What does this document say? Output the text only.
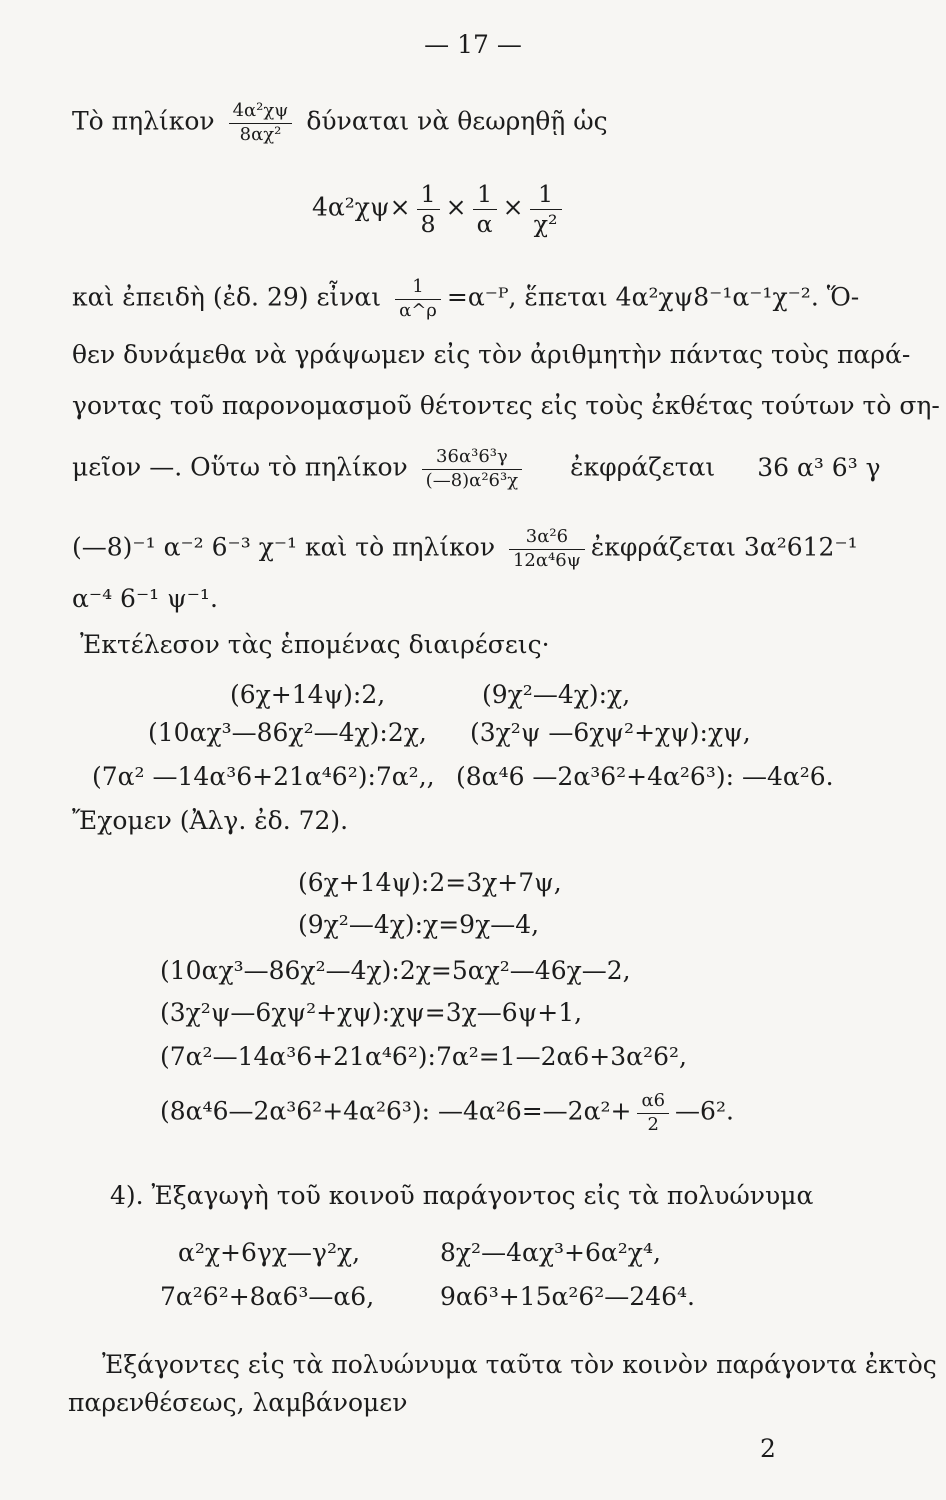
— 17 —
Τὸ πηλίκον $\frac{\text{4α²χψ}}{\text{8αχ²}}$ δύναται νὰ θεωρηθῇ ὡς
$4\alpha^2\chi\psi\times \frac{1}{8} \times \frac{1}{\alpha} \times \frac{1}{\text{χ²}}$
καὶ ἐπειδὴ (ἐδ. 29) εἶναι $\frac{1}{\alpha\^{}\rho}$ =α⁻ᴾ, ἕπεται 4α²χψ8⁻¹α⁻¹χ⁻². Ὅ-
θεν δυνάμεθα νὰ γράψωμεν εἰς τὸν ἀριθμητὴν πάντας τοὺς παρά-
γοντας τοῦ παρονομασμοῦ θέτοντες εἰς τοὺς ἐκθέτας τούτων τὸ ση-
μεῖον —. Οὕτω τὸ πηλίκον $\frac{\text{36α³6³γ}}{\text{(—8)α²6³χ}}$ ἐκφράζεται 36 α³ 6³ γ
(—8)⁻¹ α⁻² 6⁻³ χ⁻¹ καὶ τὸ πηλίκον $\frac{\text{3α²6}}{\text{12α⁴6ψ}}$ ἐκφράζεται 3α²612⁻¹
α⁻⁴ 6⁻¹ ψ⁻¹.
Ἐκτέλεσον τὰς ἑπομένας διαιρέσεις·
(6χ+14ψ):2,	(9χ²—4χ):χ,
(10αχ³—86χ²—4χ):2χ, (3χ²ψ —6χψ²+χψ):χψ,
(7α² —14α³6+21α⁴6²):7α²,, (8α⁴6 —2α³6²+4α²6³): —4α²6.
Ἔχομεν (Ἀλγ. ἐδ. 72).
(6χ+14ψ):2=3χ+7ψ,
(9χ²—4χ):χ=9χ—4,
(10αχ³—86χ²—4χ):2χ=5αχ²—46χ—2,
(3χ²ψ—6χψ²+χψ):χψ=3χ—6ψ+1,
(7α²—14α³6+21α⁴6²):7α²=1—2α6+3α²6²,
(8α⁴6—2α³6²+4α²6³): —4α²6=—2α²+ $\frac{\alpha 6}{2}$ —6².
4). Ἐξαγωγὴ τοῦ κοινοῦ παράγοντος εἰς τὰ πολυώνυμα
α²χ+6γχ—γ²χ,	8χ²—4αχ³+6α²χ⁴,
7α²6²+8α6³—α6,	9α6³+15α²6²—246⁴.
Ἐξάγοντες εἰς τὰ πολυώνυμα ταῦτα τὸν κοινὸν παράγοντα ἐκτὸς
παρενθέσεως, λαμβάνομεν
2
